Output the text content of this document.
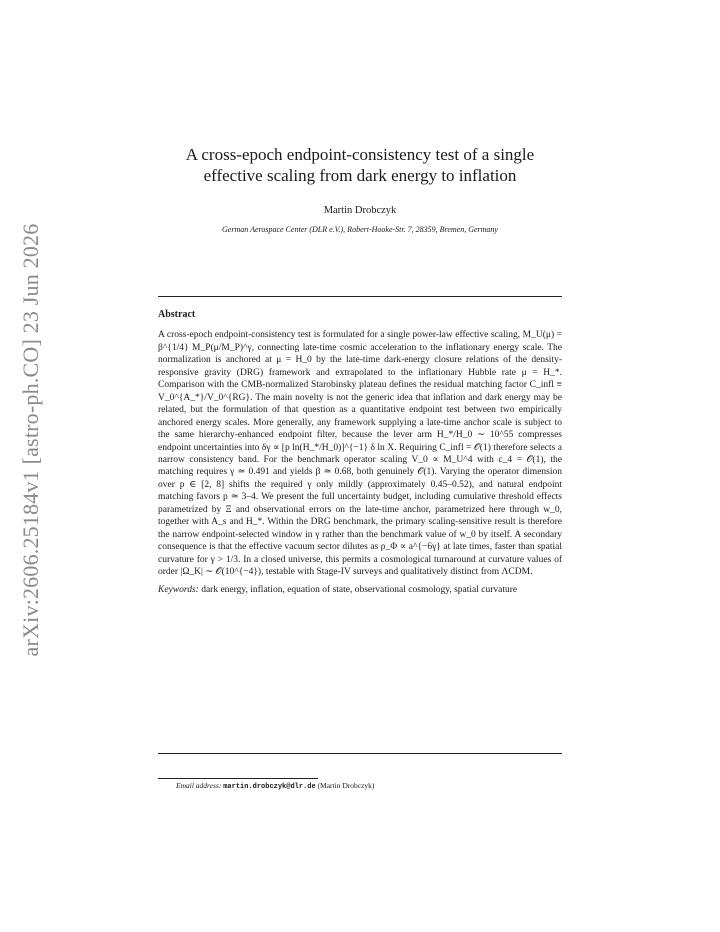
arXiv:2606.25184v1 [astro-ph.CO] 23 Jun 2026
A cross-epoch endpoint-consistency test of a single
effective scaling from dark energy to inflation
Martin Drobczyk
German Aerospace Center (DLR e.V.), Robert-Hooke-Str. 7, 28359, Bremen, Germany
Abstract

A cross-epoch endpoint-consistency test is formulated for a single power-law effective scaling, M_U(μ) = β^{1/4} M_P(μ/M_P)^γ, connecting late-time cosmic acceleration to the inflationary energy scale. The normalization is anchored at μ = H_0 by the late-time dark-energy closure relations of the density-responsive gravity (DRG) framework and extrapolated to the inflationary Hubble rate μ = H_*. Comparison with the CMB-normalized Starobinsky plateau defines the residual matching factor C_infl ≡ V_0^{A_*}/V_0^{RG}. The main novelty is not the generic idea that inflation and dark energy may be related, but the formulation of that question as a quantitative endpoint test between two empirically anchored energy scales. More generally, any framework supplying a late-time anchor scale is subject to the same hierarchy-enhanced endpoint filter, because the lever arm H_*/H_0 ∼ 10^55 compresses endpoint uncertainties into δγ ∝ [p ln(H_*/H_0)]^{−1} δ ln X. Requiring C_infl = 𝒪(1) therefore selects a narrow consistency band. For the benchmark operator scaling V_0 ∝ M_U^4 with c_4 = 𝒪(1), the matching requires γ ≃ 0.491 and yields β ≃ 0.68, both genuinely 𝒪(1). Varying the operator dimension over p ∈ [2, 8] shifts the required γ only mildly (approximately 0.45–0.52), and natural endpoint matching favors p ≃ 3–4. We present the full uncertainty budget, including cumulative threshold effects parametrized by Ξ and observational errors on the late-time anchor, parametrized here through w_0, together with A_s and H_*. Within the DRG benchmark, the primary scaling-sensitive result is therefore the narrow endpoint-selected window in γ rather than the benchmark value of w_0 by itself. A secondary consequence is that the effective vacuum sector dilutes as ρ_Φ ∝ a^{−6γ} at late times, faster than spatial curvature for γ > 1/3. In a closed universe, this permits a cosmological turnaround at curvature values of order |Ω_K| ∼ 𝒪(10^{−4}), testable with Stage-IV surveys and qualitatively distinct from ΛCDM.

Keywords: dark energy, inflation, equation of state, observational cosmology, spatial curvature

Email address: martin.drobczyk@dlr.de (Martin Drobczyk)
